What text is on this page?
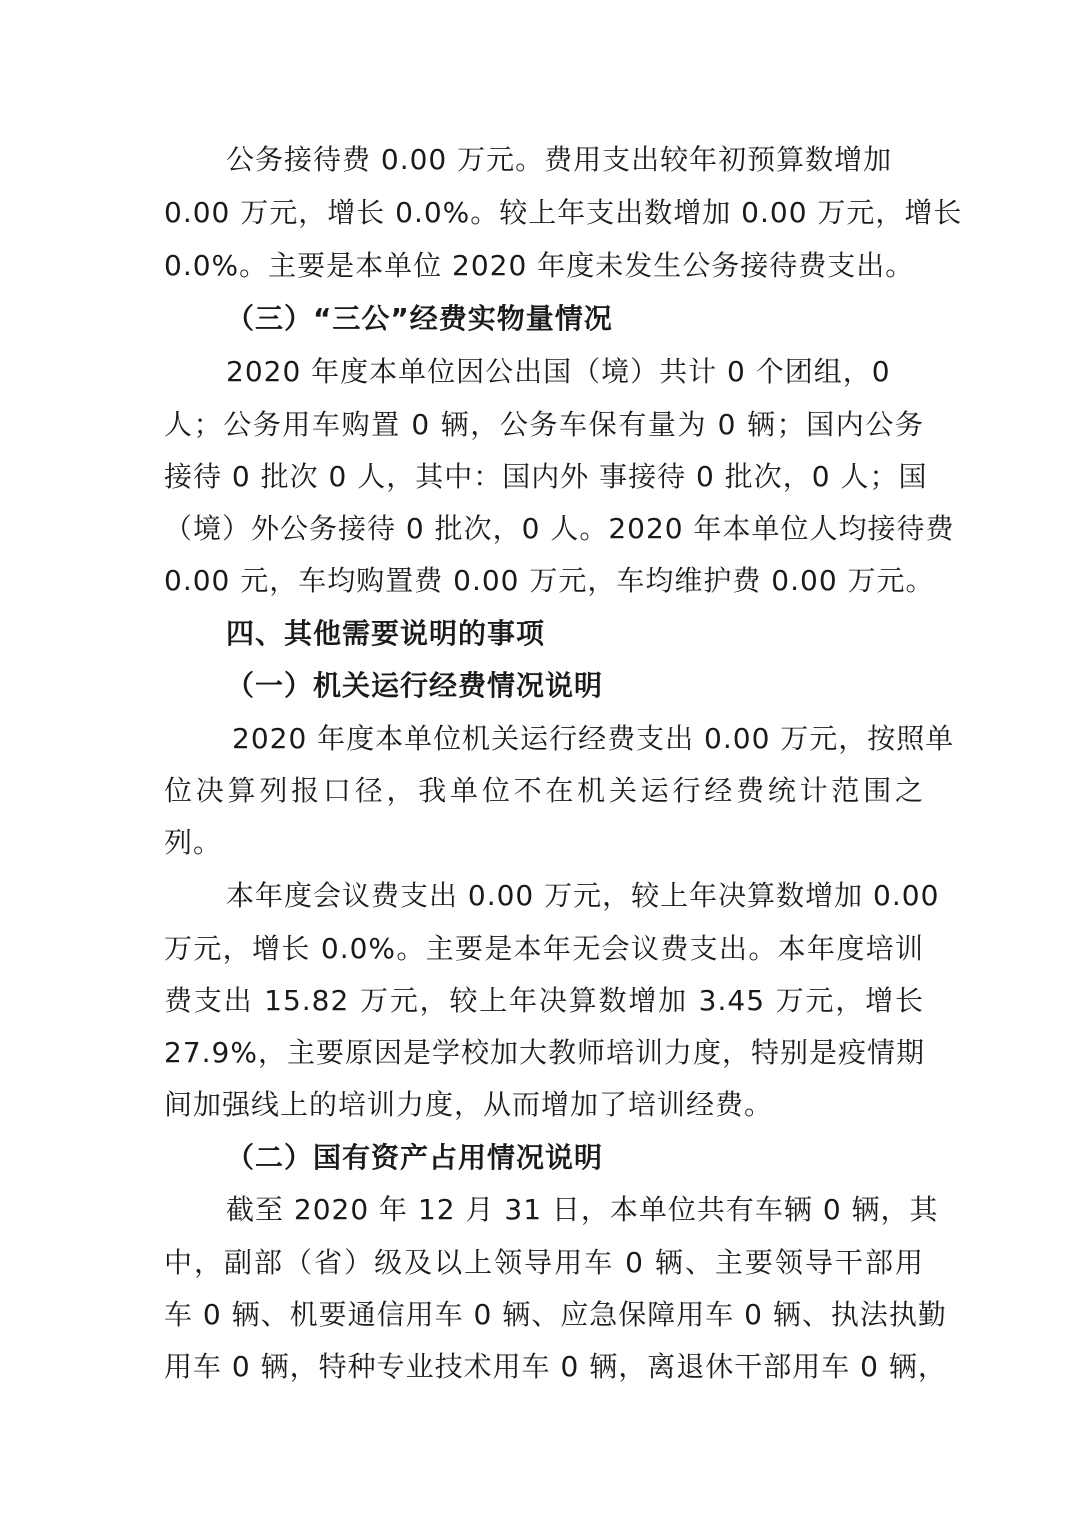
公务接待费 0.00 万元。费用支出较年初预算数增加
0.00 万元，增长 0.0%。较上年支出数增加 0.00 万元，增长
0.0%。主要是本单位 2020 年度未发生公务接待费支出。
（三）“三公”经费实物量情况
2020 年度本单位因公出国（境）共计 0 个团组，0
人；公务用车购置 0 辆，公务车保有量为 0 辆；国内公务
接待 0 批次 0 人，其中：国内外 事接待 0 批次，0 人；国
（境）外公务接待 0 批次，0 人。2020 年本单位人均接待费
0.00 元，车均购置费 0.00 万元，车均维护费 0.00 万元。
四、其他需要说明的事项
（一）机关运行经费情况说明
2020 年度本单位机关运行经费支出 0.00 万元，按照单
位决算列报口径，我单位不在机关运行经费统计范围之
列。
本年度会议费支出 0.00 万元，较上年决算数增加 0.00
万元，增长 0.0%。主要是本年无会议费支出。本年度培训
费支出 15.82 万元，较上年决算数增加 3.45 万元，增长
27.9%，主要原因是学校加大教师培训力度，特别是疫情期
间加强线上的培训力度，从而增加了培训经费。
（二）国有资产占用情况说明
截至 2020 年 12 月 31 日，本单位共有车辆 0 辆，其
中，副部（省）级及以上领导用车 0 辆、主要领导干部用
车 0 辆、机要通信用车 0 辆、应急保障用车 0 辆、执法执勤
用车 0 辆，特种专业技术用车 0 辆，离退休干部用车 0 辆，
